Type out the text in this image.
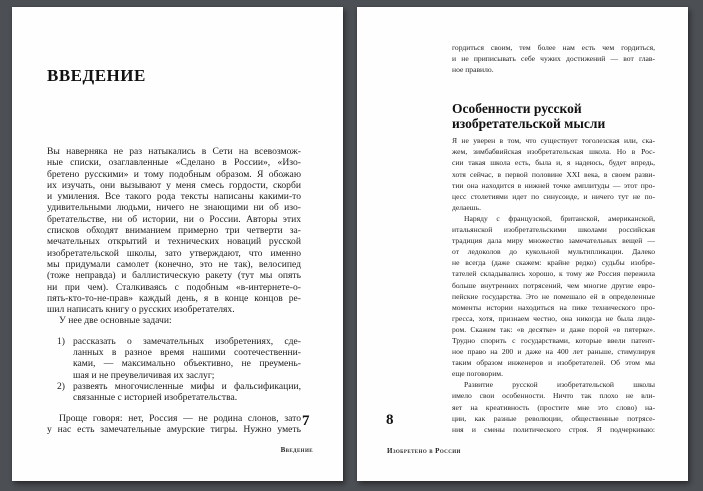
ВВЕДЕНИЕ
Вы наверняка не раз натыкались в Сети на всевозмож-
ные списки, озаглавленные «Сделано в России», «Изо-
бретено русскими» и тому подобным образом. Я обожаю
их изучать, они вызывают у меня смесь гордости, скорби
и умиления. Все такого рода тексты написаны какими-то
удивительными людьми, ничего не знающими ни об изо-
бретательстве, ни об истории, ни о России. Авторы этих
списков обходят вниманием примерно три четверти за-
мечательных открытий и технических новаций русской
изобретательской школы, зато утверждают, что именно
мы придумали самолет (конечно, это не так), велосипед
(тоже неправда) и баллистическую ракету (тут мы опять
ни при чем). Сталкиваясь с подобным «в-интернете-о-
пять-кто-то-не-прав» каждый день, я в конце концов ре-
шил написать книгу о русских изобретателях.
У нее две основные задачи:
1) рассказать о замечательных изобретениях, сде-
ланных в разное время нашими соотечественни-
ками, — максимально объективно, не преумень-
шая и не преувеличивая их заслуг;
2) развеять многочисленные мифы и фальсификации,
связанные с историей изобретательства.
Проще говоря: нет, Россия — не родина слонов, зато
у нас есть замечательные амурские тигры. Нужно уметь
7
Введение
гордиться своим, тем более нам есть чем гордиться,
и не приписывать себе чужих достижений — вот глав-
ное правило.
Особенности русской
изобретательской мысли
Я не уверен в том, что существует тоголезская или, ска-
жем, зимбабвийская изобретательская школа. Но в Рос-
сии такая школа есть, была и, я надеюсь, будет впредь,
хотя сейчас, в первой половине XXI века, в своем разви-
тии она находится в нижней точке амплитуды — этот про-
цесс столетиями идет по синусоиде, и ничего тут не по-
делаешь.
Наряду с французской, британской, американской,
итальянской изобретательскими школами российская
традиция дала миру множество замечательных вещей —
от ледоколов до кукольной мультипликации. Далеко
не всегда (даже скажем: крайне редко) судьбы изобре-
тателей складывались хорошо, к тому же Россия пережила
больше внутренних потрясений, чем многие другие евро-
пейские государства. Это не помешало ей в определенные
моменты истории находиться на пике технического про-
гресса, хотя, признаем честно, она никогда не была лиде-
ром. Скажем так: «в десятке» и даже порой «в пятерке».
Трудно спорить с государствами, которые ввели патент-
ное право на 200 и даже на 400 лет раньше, стимулируя
таким образом инженеров и изобретателей. Об этом мы
еще поговорим.
Развитие русской изобретательской школы
имело свои особенности. Ничто так плохо не вли-
яет на креативность (простите мне это слово) на-
ции, как разные революции, общественные потрясе-
ния и смены политического строя. Я подчеркиваю:
8
Изобретено в России
